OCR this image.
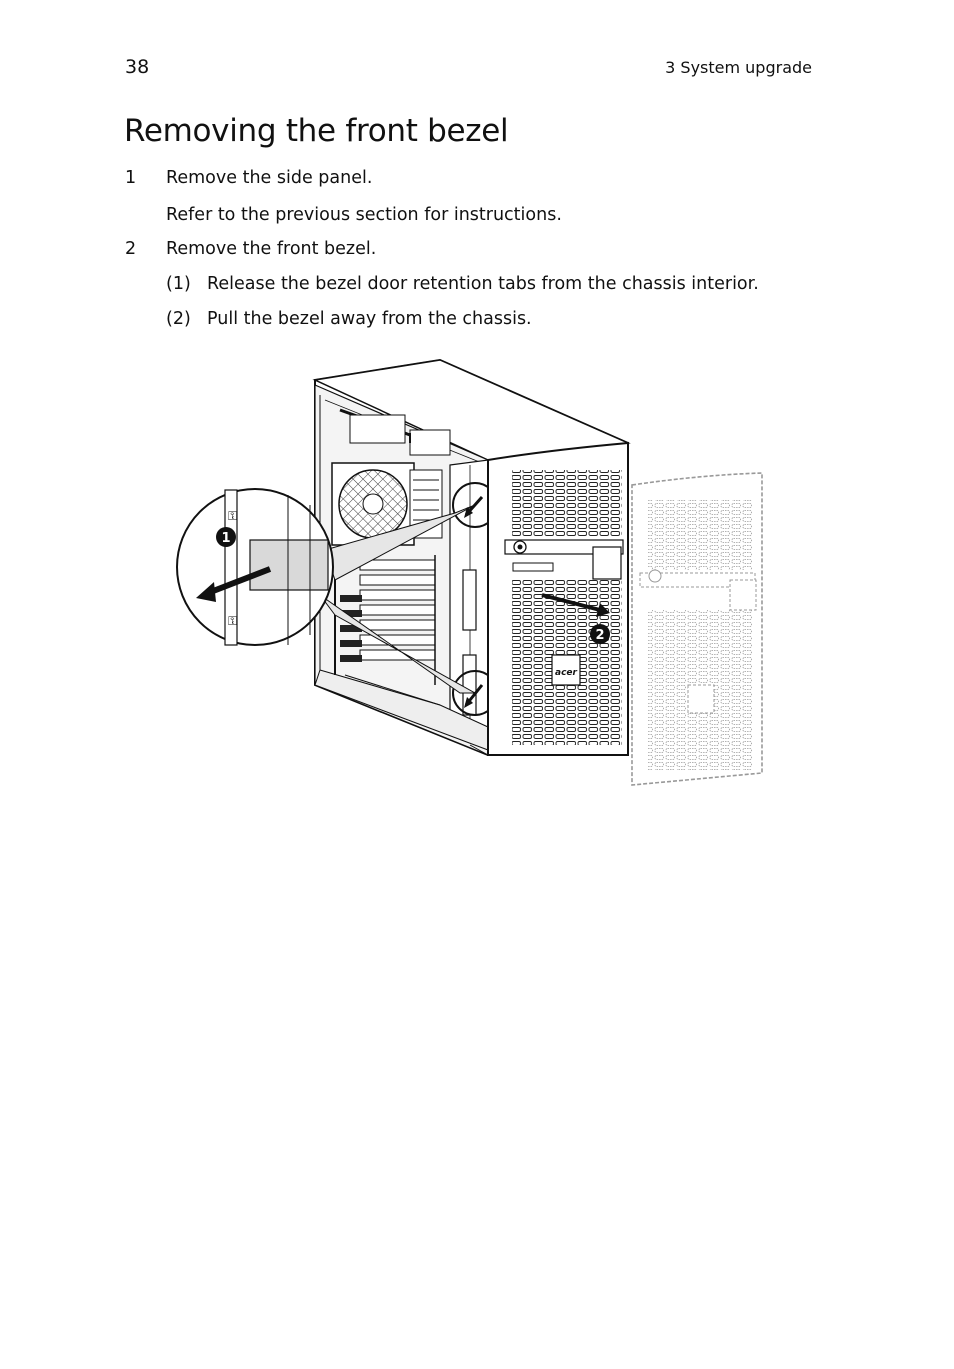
38	3 System upgrade
Removing the front bezel
1 Remove the side panel.
Refer to the previous section for instructions.
2 Remove the front bezel.
(1) Release the bezel door retention tabs from the chassis interior.
(2) Pull the bezel away from the chassis.
acer
2
1
⚿
⚿
